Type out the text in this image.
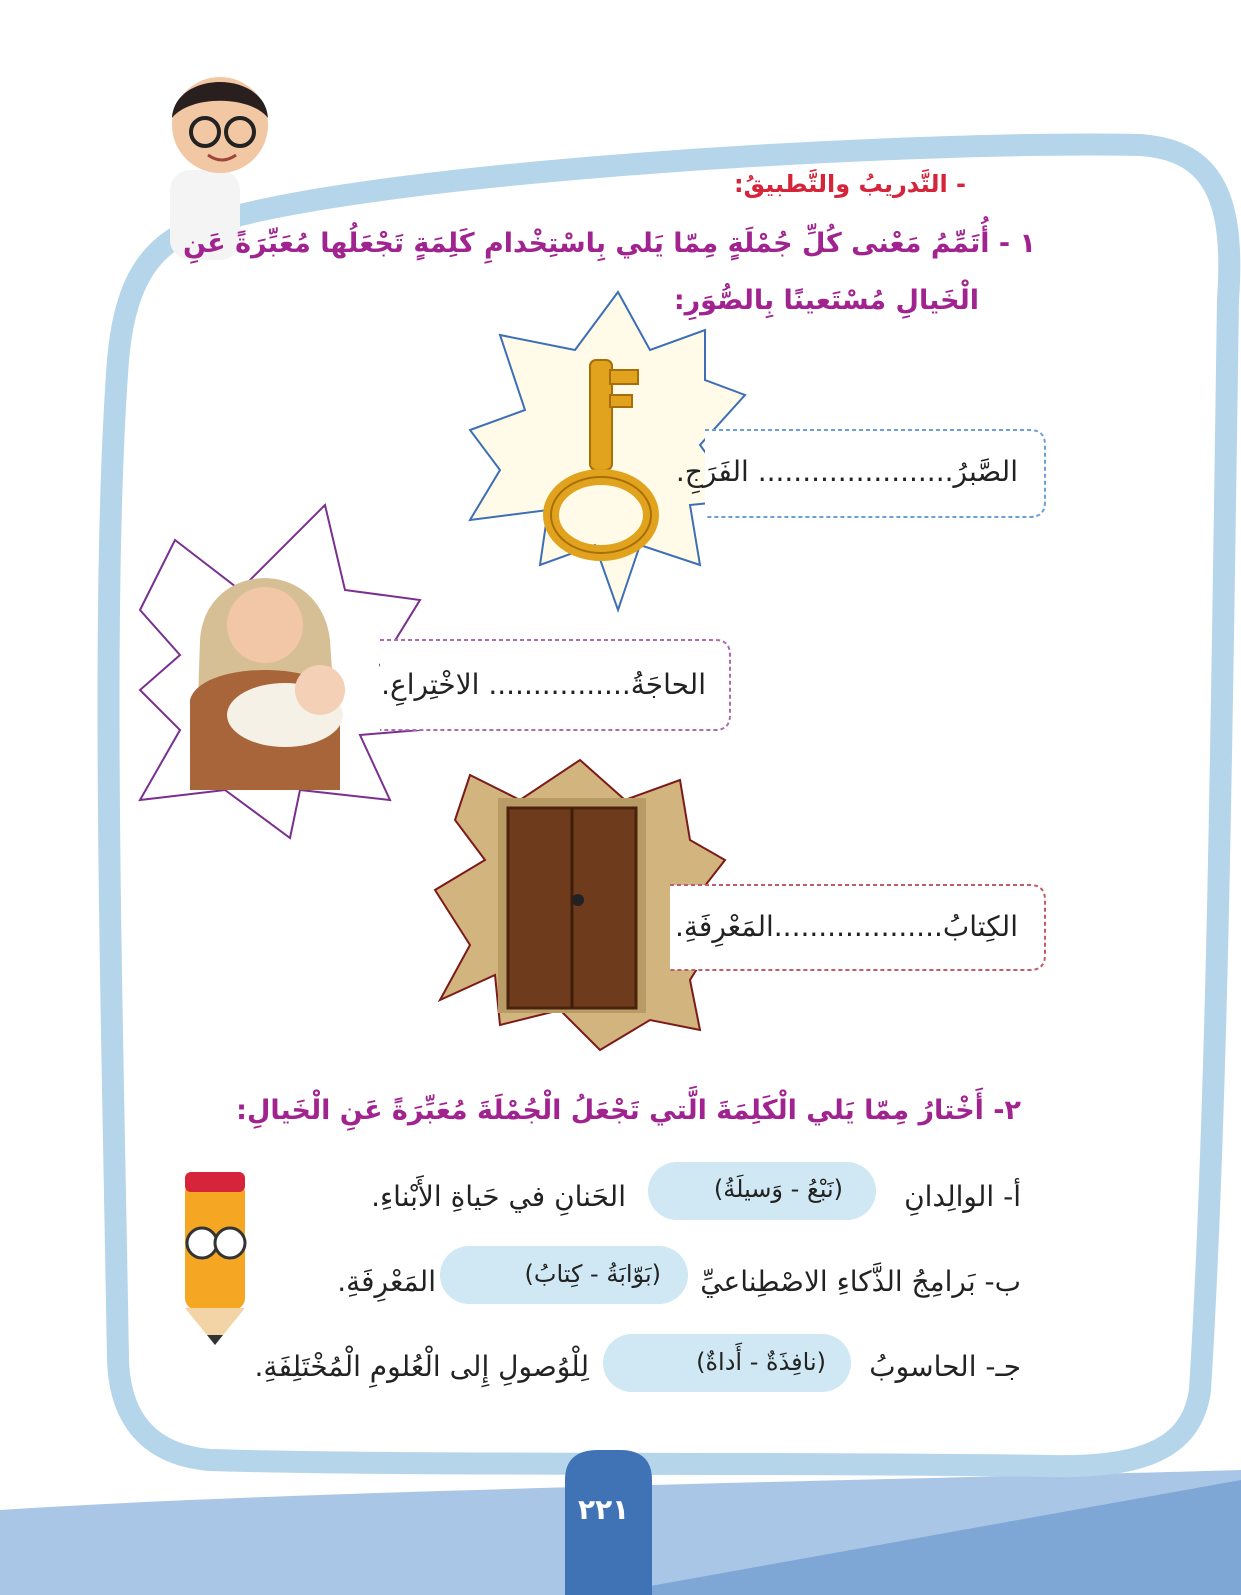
- التَّدريبُ والتَّطبيقُ:
١ - أُتَمِّمُ مَعْنى كُلِّ جُمْلَةٍ مِمّا يَلي بِاسْتِخْدامِ كَلِمَةٍ تَجْعَلُها مُعَبِّرَةً عَنِ
الْخَيالِ مُسْتَعينًا بِالصُّوَرِ:
الصَّبرُ...................... الفَرَجِ.
الحاجَةُ................ الاخْتِراعِ.
الكِتابُ...................المَعْرِفَةِ.
٢- أَخْتارُ مِمّا يَلي الْكَلِمَةَ الَّتي تَجْعَلُ الْجُمْلَةَ مُعَبِّرَةً عَنِ الْخَيالِ:
أ- الوالِدانِ
(نَبْعُ - وَسيلَةُ)
الحَنانِ في حَياةِ الأَبْناءِ.
ب- بَرامِجُ الذَّكاءِ الاصْطِناعيِّ
(بَوّابَةُ - كِتابُ)
المَعْرِفَةِ.
جـ- الحاسوبُ
(نافِذَةٌ - أَداةٌ)
لِلْوُصولِ إِلى الْعُلومِ الْمُخْتَلِفَةِ.
٢٢١
